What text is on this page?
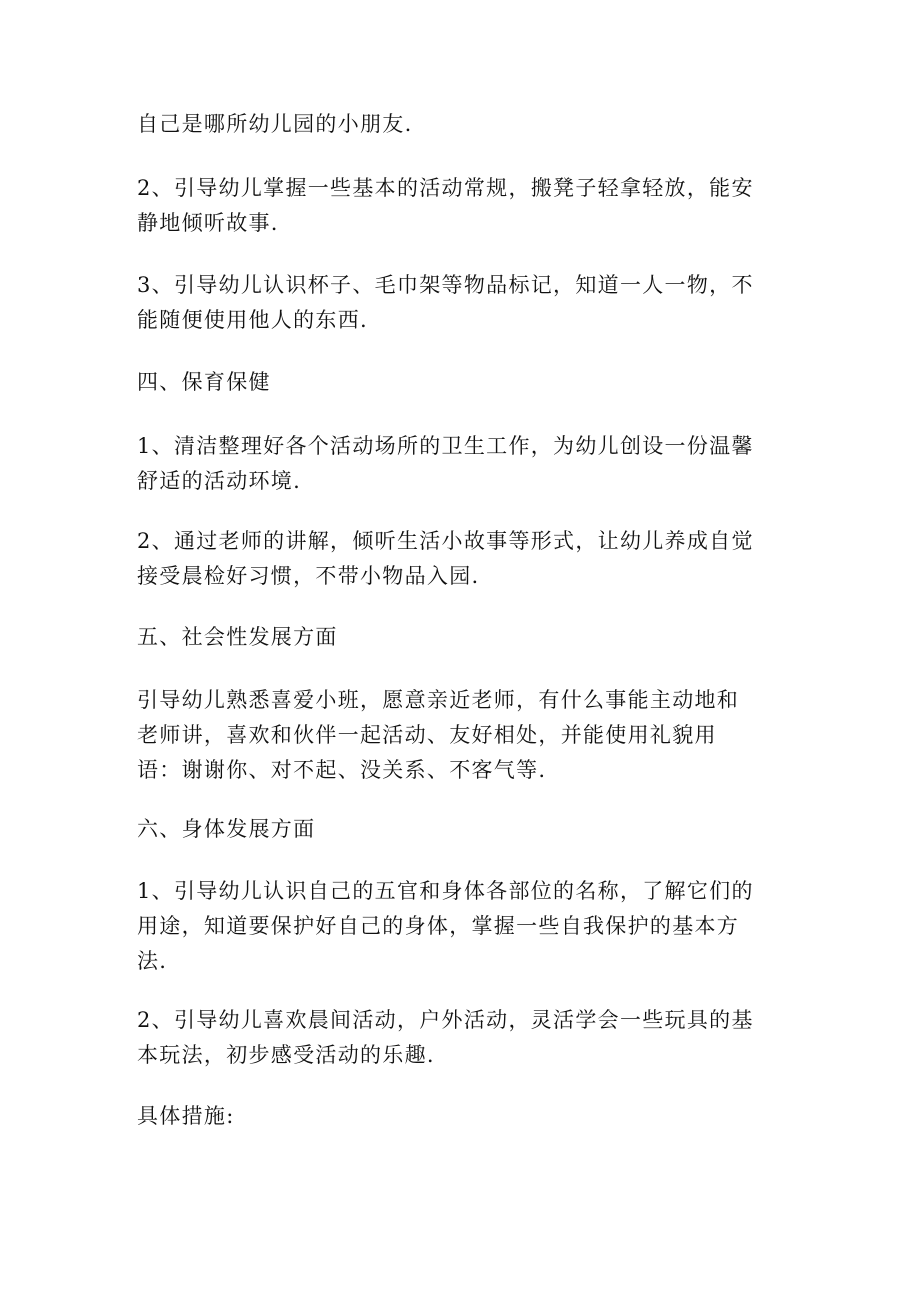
自己是哪所幼儿园的小朋友.

2、引导幼儿掌握一些基本的活动常规，搬凳子轻拿轻放，能安
静地倾听故事.

3、引导幼儿认识杯子、毛巾架等物品标记，知道一人一物，不
能随便使用他人的东西.

四、保育保健

1、清洁整理好各个活动场所的卫生工作，为幼儿创设一份温馨
舒适的活动环境.

2、通过老师的讲解，倾听生活小故事等形式，让幼儿养成自觉
接受晨检好习惯，不带小物品入园.

五、社会性发展方面

引导幼儿熟悉喜爱小班，愿意亲近老师，有什么事能主动地和
老师讲，喜欢和伙伴一起活动、友好相处，并能使用礼貌用
语：谢谢你、对不起、没关系、不客气等.

六、身体发展方面

1、引导幼儿认识自己的五官和身体各部位的名称，了解它们的
用途，知道要保护好自己的身体，掌握一些自我保护的基本方
法.

2、引导幼儿喜欢晨间活动，户外活动，灵活学会一些玩具的基
本玩法，初步感受活动的乐趣.

具体措施:
